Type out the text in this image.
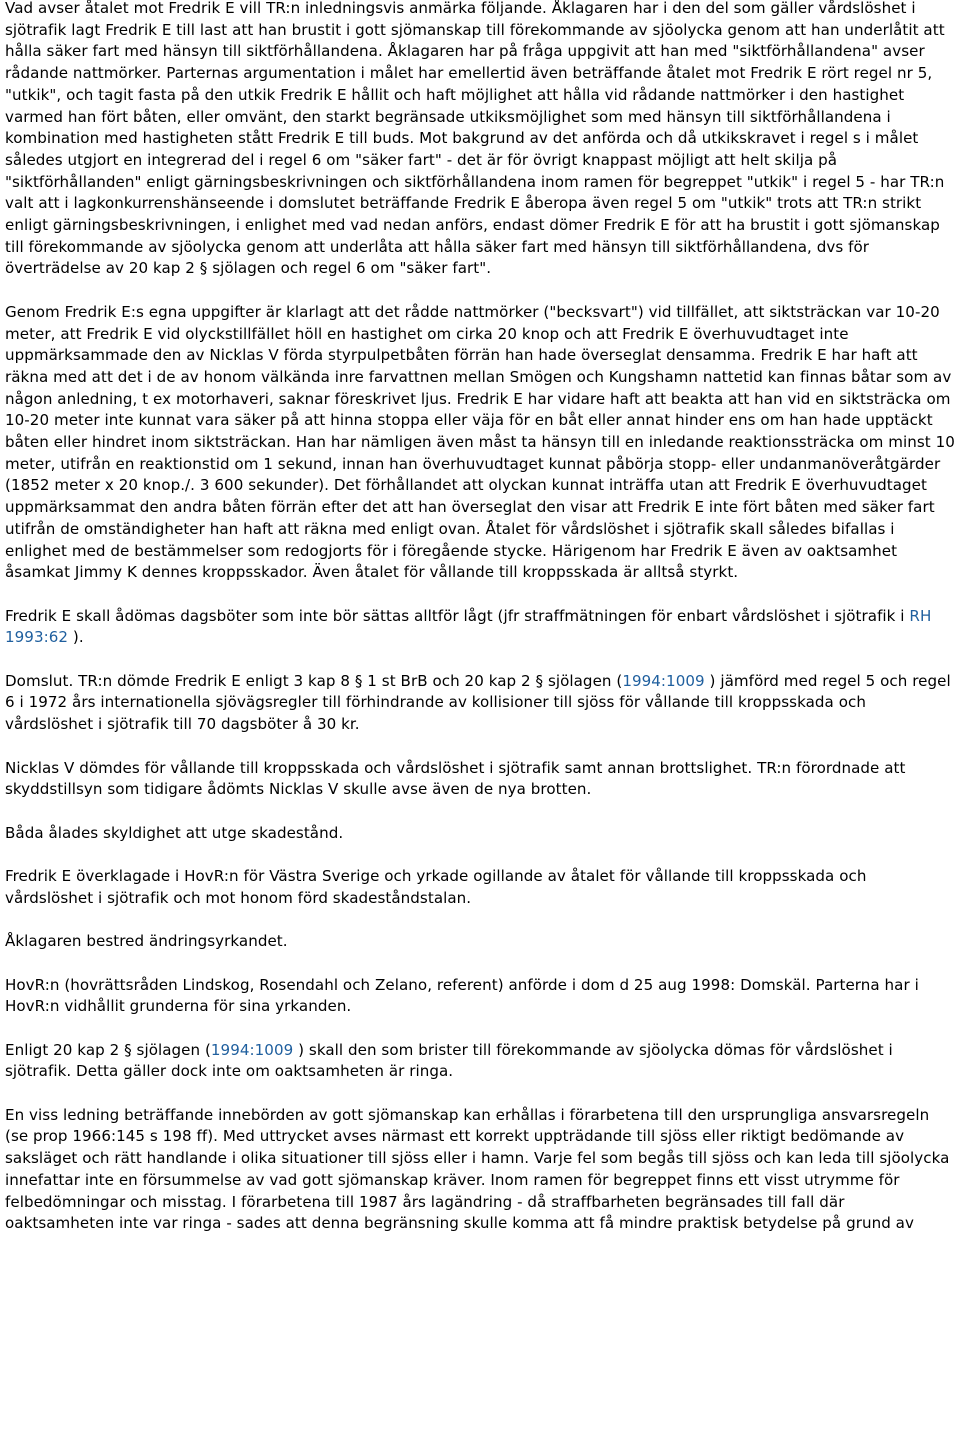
Vad avser åtalet mot Fredrik E vill TR:n inledningsvis anmärka följande. Åklagaren har i den del som gäller vårdslöshet i sjötrafik lagt Fredrik E till last att han brustit i gott sjömanskap till förekommande av sjöolycka genom att han underlåtit att hålla säker fart med hänsyn till siktförhållandena. Åklagaren har på fråga uppgivit att han med "siktförhållandena" avser rådande nattmörker. Parternas argumentation i målet har emellertid även beträffande åtalet mot Fredrik E rört regel nr 5, "utkik", och tagit fasta på den utkik Fredrik E hållit och haft möjlighet att hålla vid rådande nattmörker i den hastighet varmed han fört båten, eller omvänt, den starkt begränsade utkiksmöjlighet som med hänsyn till siktförhållandena i kombination med hastigheten stått Fredrik E till buds. Mot bakgrund av det anförda och då utkikskravet i regel s i målet således utgjort en integrerad del i regel 6 om "säker fart" - det är för övrigt knappast möjligt att helt skilja på "siktförhållanden" enligt gärningsbeskrivningen och siktförhållandena inom ramen för begreppet "utkik" i regel 5 - har TR:n valt att i lagkonkurrenshänseende i domslutet beträffande Fredrik E åberopa även regel 5 om "utkik" trots att TR:n strikt enligt gärningsbeskrivningen, i enlighet med vad nedan anförs, endast dömer Fredrik E för att ha brustit i gott sjömanskap till förekommande av sjöolycka genom att underlåta att hålla säker fart med hänsyn till siktförhållandena, dvs för överträdelse av 20 kap 2 § sjölagen och regel 6 om "säker fart".

Genom Fredrik E:s egna uppgifter är klarlagt att det rådde nattmörker ("becksvart") vid tillfället, att siktsträckan var 10-20 meter, att Fredrik E vid olyckstillfället höll en hastighet om cirka 20 knop och att Fredrik E överhuvudtaget inte uppmärksammade den av Nicklas V förda styrpulpetbåten förrän han hade överseglat densamma. Fredrik E har haft att räkna med att det i de av honom välkända inre farvattnen mellan Smögen och Kungshamn nattetid kan finnas båtar som av någon anledning, t ex motorhaveri, saknar föreskrivet ljus. Fredrik E har vidare haft att beakta att han vid en siktsträcka om 10-20 meter inte kunnat vara säker på att hinna stoppa eller väja för en båt eller annat hinder ens om han hade upptäckt båten eller hindret inom siktsträckan. Han har nämligen även måst ta hänsyn till en inledande reaktionssträcka om minst 10 meter, utifrån en reaktionstid om 1 sekund, innan han överhuvudtaget kunnat påbörja stopp- eller undanmanöveråtgärder (1852 meter x 20 knop./. 3 600 sekunder). Det förhållandet att olyckan kunnat inträffa utan att Fredrik E överhuvudtaget uppmärksammat den andra båten förrän efter det att han överseglat den visar att Fredrik E inte fört båten med säker fart utifrån de omständigheter han haft att räkna med enligt ovan. Åtalet för vårdslöshet i sjötrafik skall således bifallas i enlighet med de bestämmelser som redogjorts för i föregående stycke. Härigenom har Fredrik E även av oaktsamhet åsamkat Jimmy K dennes kroppsskador. Även åtalet för vållande till kroppsskada är alltså styrkt.

Fredrik E skall ådömas dagsböter som inte bör sättas alltför lågt (jfr straffmätningen för enbart vårdslöshet i sjötrafik i RH 1993:62 ).

Domslut. TR:n dömde Fredrik E enligt 3 kap 8 § 1 st BrB och 20 kap 2 § sjölagen (1994:1009 ) jämförd med regel 5 och regel 6 i 1972 års internationella sjövägsregler till förhindrande av kollisioner till sjöss för vållande till kroppsskada och vårdslöshet i sjötrafik till 70 dagsböter å 30 kr.

Nicklas V dömdes för vållande till kroppsskada och vårdslöshet i sjötrafik samt annan brottslighet. TR:n förordnade att skyddstillsyn som tidigare ådömts Nicklas V skulle avse även de nya brotten.

Båda ålades skyldighet att utge skadestånd.

Fredrik E överklagade i HovR:n för Västra Sverige och yrkade ogillande av åtalet för vållande till kroppsskada och vårdslöshet i sjötrafik och mot honom förd skadeståndstalan.

Åklagaren bestred ändringsyrkandet.

HovR:n (hovrättsråden Lindskog, Rosendahl och Zelano, referent) anförde i dom d 25 aug 1998: Domskäl. Parterna har i HovR:n vidhållit grunderna för sina yrkanden.

Enligt 20 kap 2 § sjölagen (1994:1009 ) skall den som brister till förekommande av sjöolycka dömas för vårdslöshet i sjötrafik. Detta gäller dock inte om oaktsamheten är ringa.

En viss ledning beträffande innebörden av gott sjömanskap kan erhållas i förarbetena till den ursprungliga ansvarsregeln (se prop 1966:145 s 198 ff). Med uttrycket avses närmast ett korrekt uppträdande till sjöss eller riktigt bedömande av saksläget och rätt handlande i olika situationer till sjöss eller i hamn. Varje fel som begås till sjöss och kan leda till sjöolycka innefattar inte en försummelse av vad gott sjömanskap kräver. Inom ramen för begreppet finns ett visst utrymme för felbedömningar och misstag. I förarbetena till 1987 års lagändring - då straffbarheten begränsades till fall där oaktsamheten inte var ringa - sades att denna begränsning skulle komma att få mindre praktisk betydelse på grund av
